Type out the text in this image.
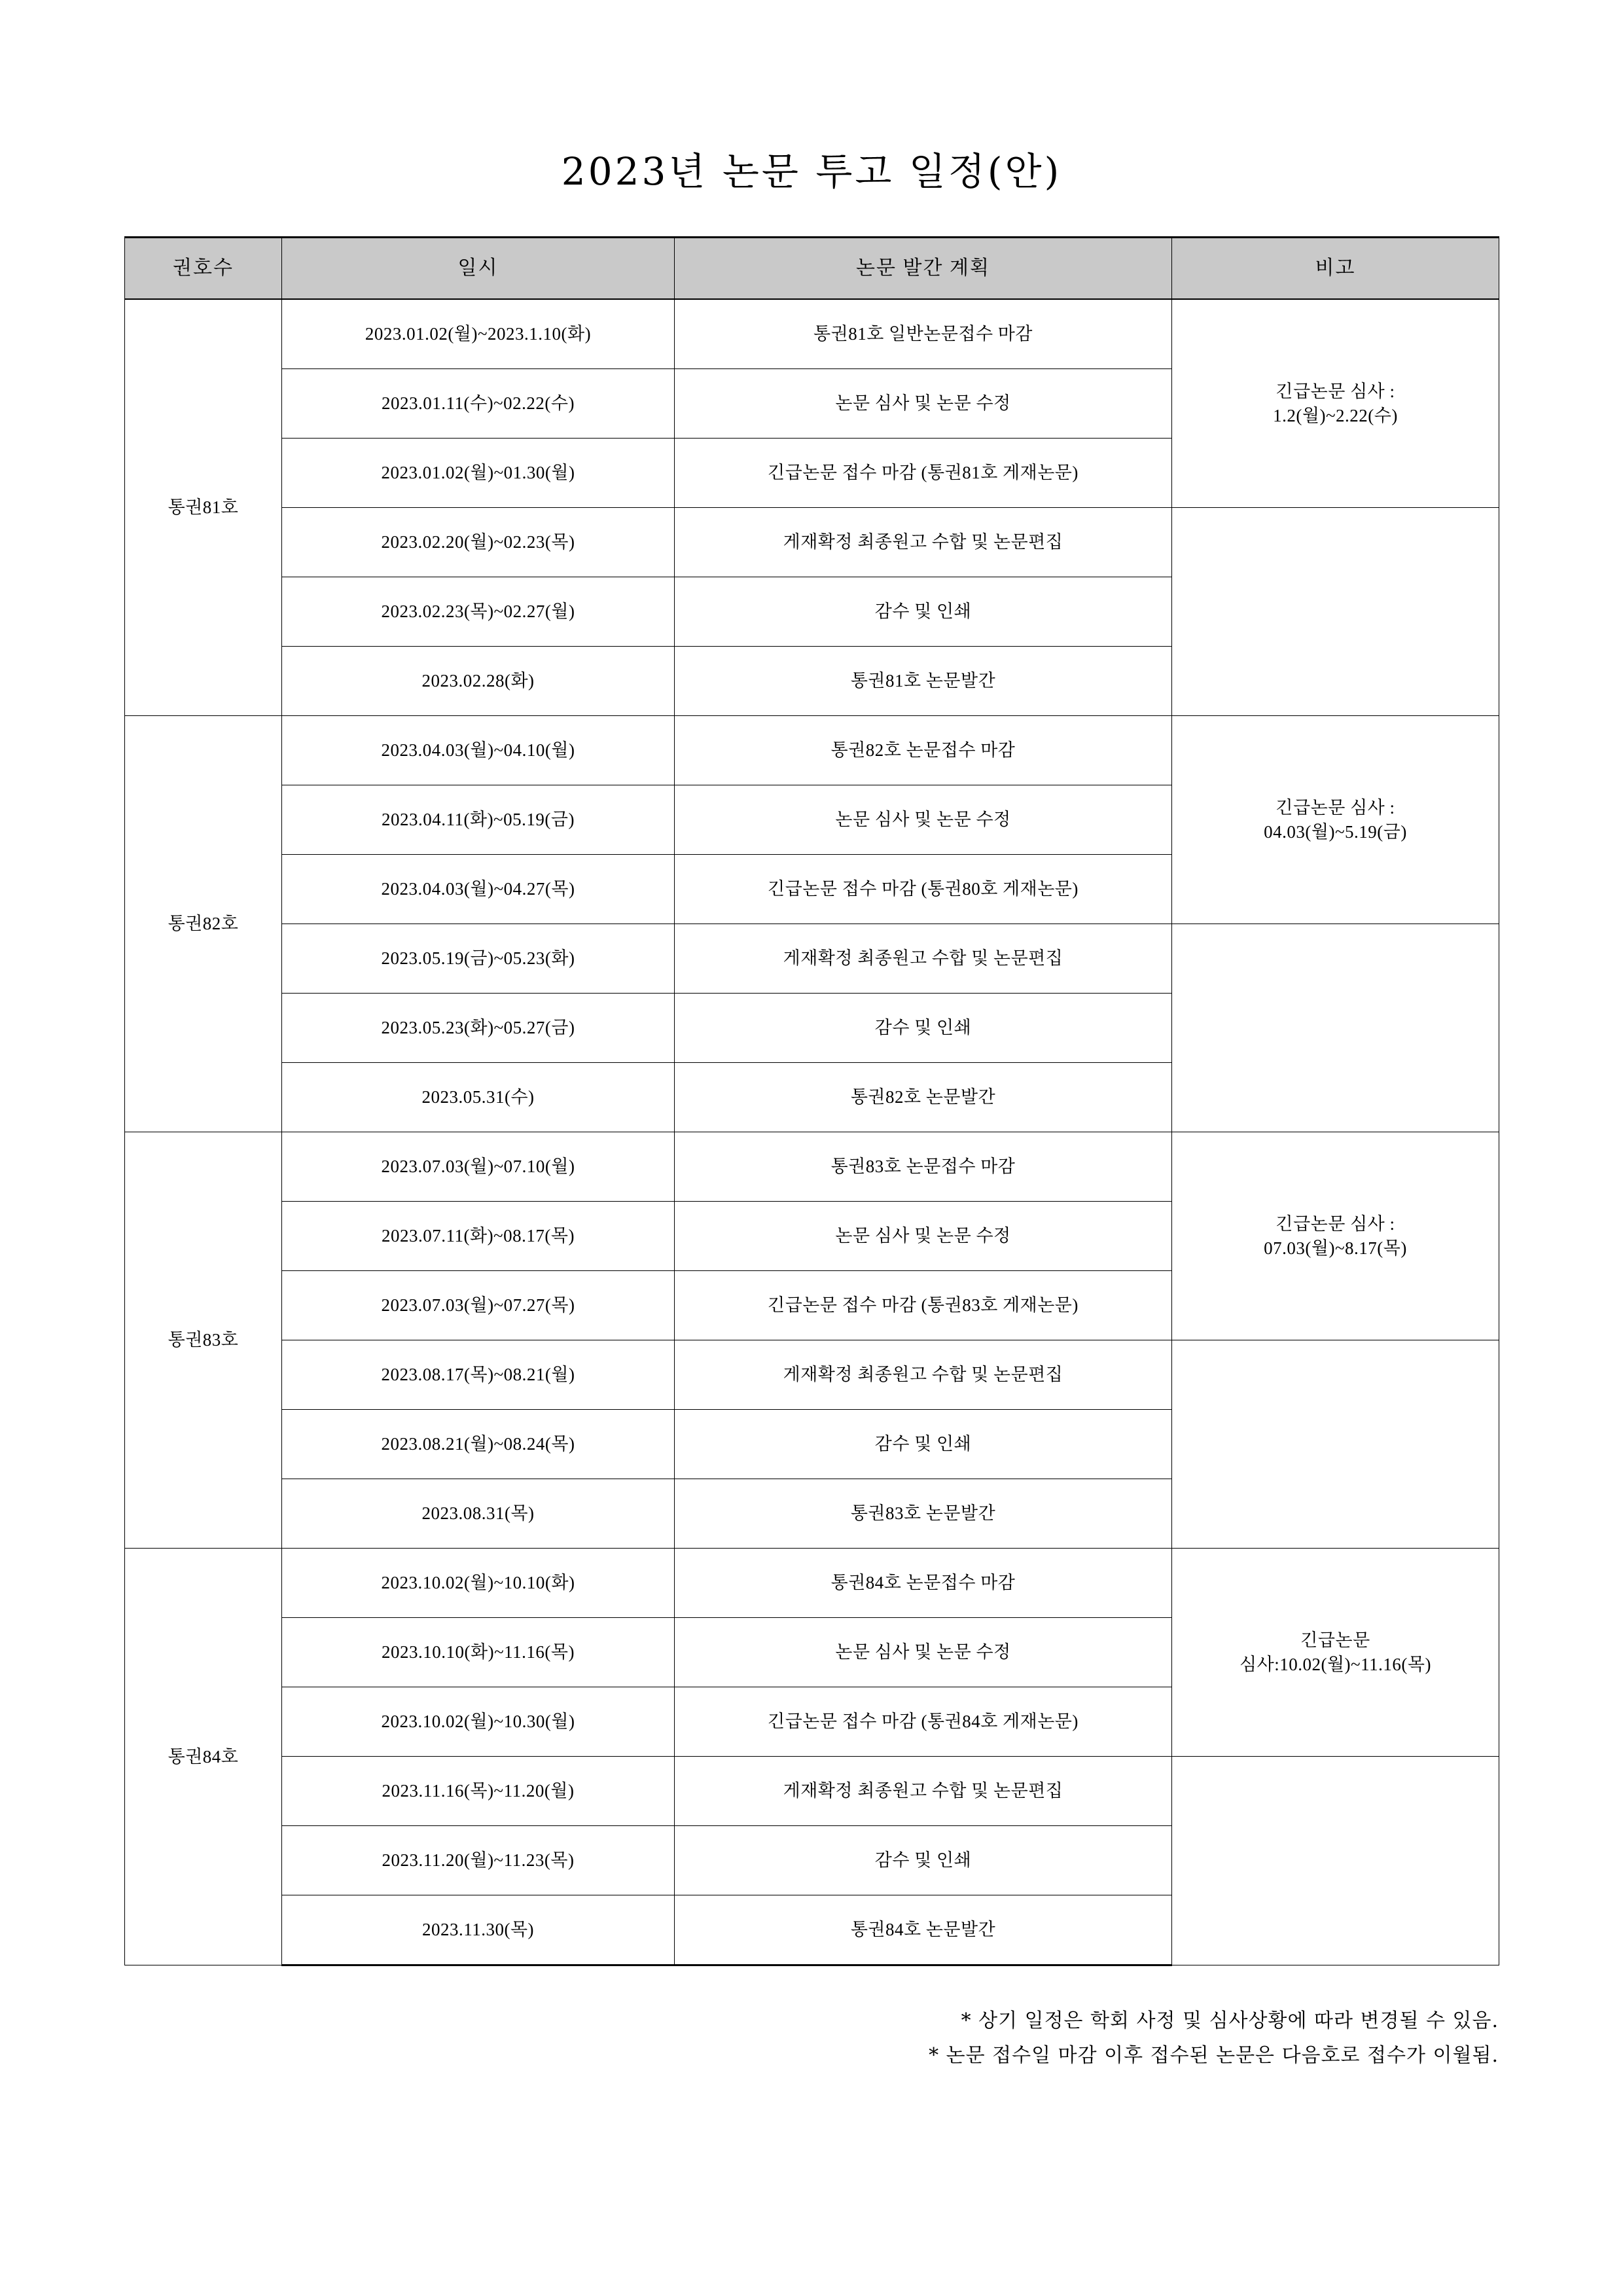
2023년 논문 투고 일정(안)
권호수	일시	논문 발간 계획	비고
통권81호	2023.01.02(월)~2023.1.10(화)	통권81호 일반논문접수 마감	긴급논문 심사 :
1.2(월)~2.22(수)

	2023.01.11(수)~02.22(수)	논문 심사 및 논문 수정	
	2023.01.02(월)~01.30(월)	긴급논문 접수 마감 (통권81호 게재논문)	
	2023.02.20(월)~02.23(목)	게재확정 최종원고 수합 및 논문편집	
	2023.02.23(목)~02.27(월)	감수 및 인쇄	
	2023.02.28(화)	통권81호 논문발간	
통권82호	2023.04.03(월)~04.10(월)	통권82호 논문접수 마감	긴급논문 심사 :
04.03(월)~5.19(금)

	2023.04.11(화)~05.19(금)	논문 심사 및 논문 수정	
	2023.04.03(월)~04.27(목)	긴급논문 접수 마감 (통권80호 게재논문)	
	2023.05.19(금)~05.23(화)	게재확정 최종원고 수합 및 논문편집	
	2023.05.23(화)~05.27(금)	감수 및 인쇄	
	2023.05.31(수)	통권82호 논문발간	
통권83호	2023.07.03(월)~07.10(월)	통권83호 논문접수 마감	긴급논문 심사 :
07.03(월)~8.17(목)

	2023.07.11(화)~08.17(목)	논문 심사 및 논문 수정	
	2023.07.03(월)~07.27(목)	긴급논문 접수 마감 (통권83호 게재논문)	
	2023.08.17(목)~08.21(월)	게재확정 최종원고 수합 및 논문편집	
	2023.08.21(월)~08.24(목)	감수 및 인쇄	
	2023.08.31(목)	통권83호 논문발간	
통권84호	2023.10.02(월)~10.10(화)	통권84호 논문접수 마감	긴급논문
심사:10.02(월)~11.16(목)

	2023.10.10(화)~11.16(목)	논문 심사 및 논문 수정	
	2023.10.02(월)~10.30(월)	긴급논문 접수 마감 (통권84호 게재논문)	
	2023.11.16(목)~11.20(월)	게재확정 최종원고 수합 및 논문편집	
	2023.11.20(월)~11.23(목)	감수 및 인쇄	
	2023.11.30(목)	통권84호 논문발간	
* 상기 일정은 학회 사정 및 심사상황에 따라 변경될 수 있음.
* 논문 접수일 마감 이후 접수된 논문은 다음호로 접수가 이월됨.
